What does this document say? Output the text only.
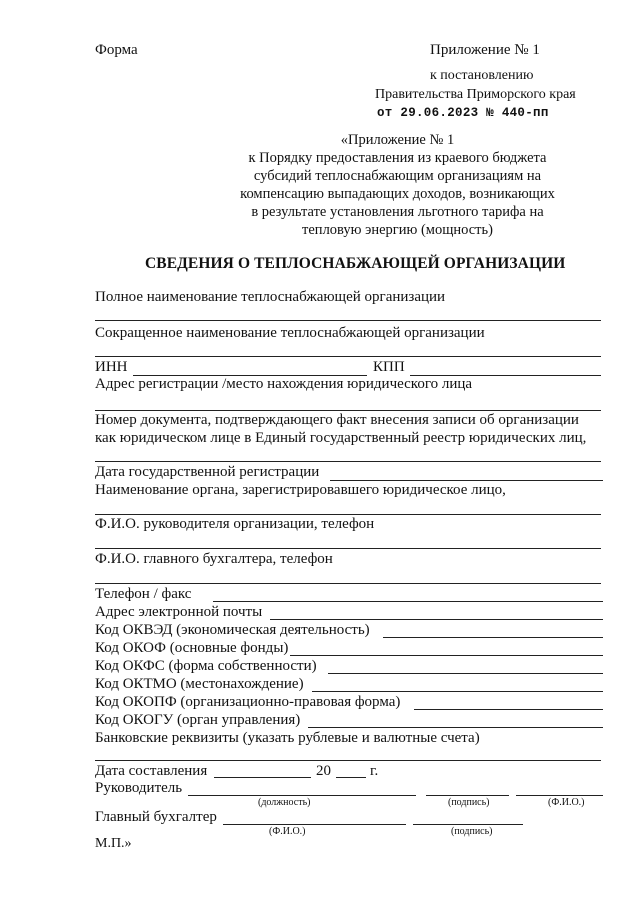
Форма	Приложение № 1
к постановлению
Правительства Приморского края
от 29.06.2023 № 440-пп
«Приложение № 1
к Порядку предоставления из краевого бюджета
субсидий теплоснабжающим организациям на
компенсацию выпадающих доходов, возникающих
в результате установления льготного тарифа на
тепловую энергию (мощность)
СВЕДЕНИЯ О ТЕПЛОСНАБЖАЮЩЕЙ ОРГАНИЗАЦИИ
Полное наименование теплоснабжающей организации
Сокращенное наименование теплоснабжающей организации
ИНН	КПП
Адрес регистрации /место нахождения юридического лица
Номер документа, подтверждающего факт внесения записи об организации
как юридическом лице в Единый государственный реестр юридических лиц,
Дата государственной регистрации
Наименование органа, зарегистрировавшего юридическое лицо,
Ф.И.О. руководителя организации, телефон
Ф.И.О. главного бухгалтера, телефон
Телефон / факс
Адрес электронной почты
Код ОКВЭД (экономическая деятельность)
Код ОКОФ (основные фонды)
Код ОКФС (форма собственности)
Код ОКТМО (местонахождение)
Код ОКОПФ (организационно-правовая форма)
Код ОКОГУ (орган управления)
Банковские реквизиты (указать рублевые и валютные счета)
Дата составления	20	г.
Руководитель
(должность)	(подпись)	(Ф.И.О.)
Главный бухгалтер
(Ф.И.О.)	(подпись)
М.П.»
